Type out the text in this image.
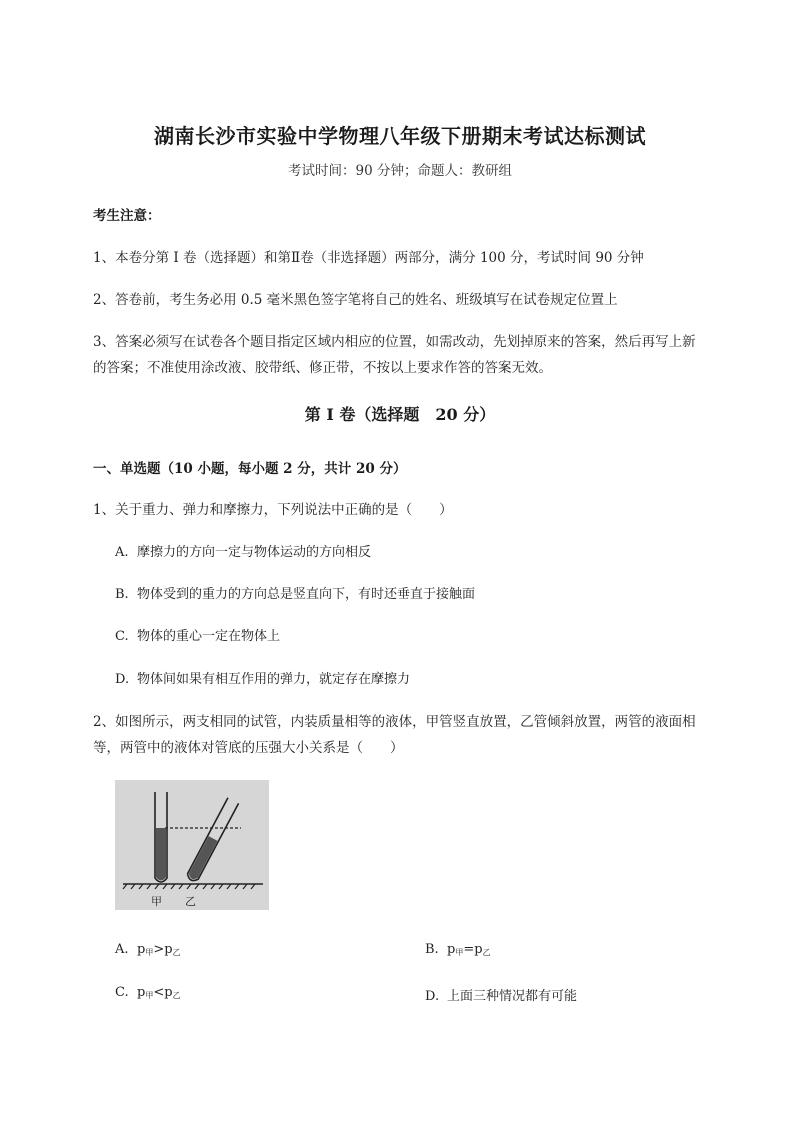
湖南长沙市实验中学物理八年级下册期末考试达标测试
考试时间：90 分钟；命题人：教研组
考生注意：
1、本卷分第 I 卷（选择题）和第Ⅱ卷（非选择题）两部分，满分 100 分，考试时间 90 分钟
2、答卷前，考生务必用 0.5 毫米黑色签字笔将自己的姓名、班级填写在试卷规定位置上
3、答案必须写在试卷各个题目指定区域内相应的位置，如需改动，先划掉原来的答案，然后再写上新
的答案；不准使用涂改液、胶带纸、修正带，不按以上要求作答的答案无效。
第 I 卷（选择题　20 分）
一、单选题（10 小题，每小题 2 分，共计 20 分）
1、关于重力、弹力和摩擦力，下列说法中正确的是（　　）
A. 摩擦力的方向一定与物体运动的方向相反
B. 物体受到的重力的方向总是竖直向下，有时还垂直于接触面
C. 物体的重心一定在物体上
D. 物体间如果有相互作用的弹力，就定存在摩擦力
2、如图所示，两支相同的试管，内装质量相等的液体，甲管竖直放置，乙管倾斜放置，两管的液面相
等，两管中的液体对管底的压强大小关系是（　　）
甲 乙
A. $p_甲>p_乙$	B. $p_甲=p_乙$
C. $p_甲<p_乙$	D. 上面三种情况都有可能
